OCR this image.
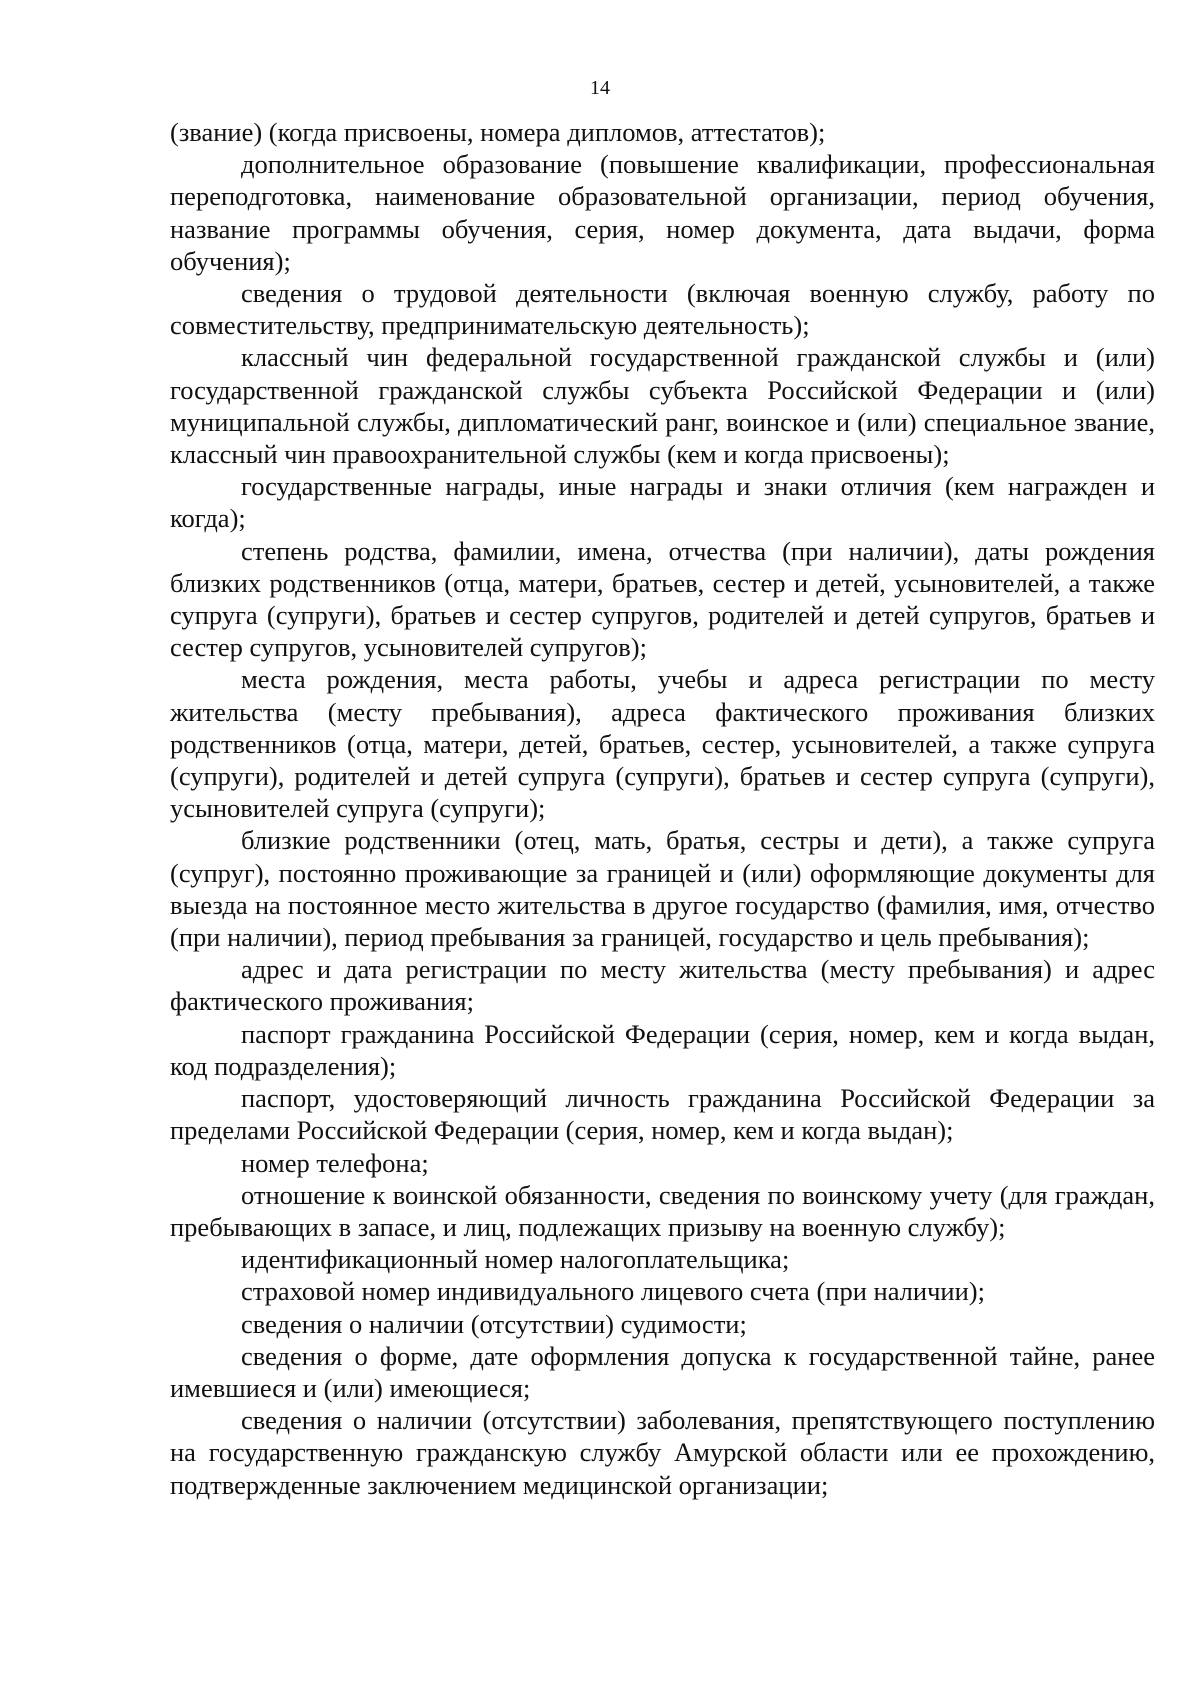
14

(звание) (когда присвоены, номера дипломов, аттестатов);

дополнительное образование (повышение квалификации, профессиональная переподготовка, наименование образовательной организации, период обучения, название программы обучения, серия, номер документа, дата выдачи, форма обучения);

сведения о трудовой деятельности (включая военную службу, работу по совместительству, предпринимательскую деятельность);

классный чин федеральной государственной гражданской службы и (или) государственной гражданской службы субъекта Российской Федерации и (или) муниципальной службы, дипломатический ранг, воинское и (или) специальное звание, классный чин правоохранительной службы (кем и когда присвоены);

государственные награды, иные награды и знаки отличия (кем награжден и когда);

степень родства, фамилии, имена, отчества (при наличии), даты рождения близких родственников (отца, матери, братьев, сестер и детей, усыновителей, а также супруга (супруги), братьев и сестер супругов, родителей и детей супругов, братьев и сестер супругов, усыновителей супругов);

места рождения, места работы, учебы и адреса регистрации по месту жительства (месту пребывания), адреса фактического проживания близких родственников (отца, матери, детей, братьев, сестер, усыновителей, а также супруга (супруги), родителей и детей супруга (супруги), братьев и сестер супруга (супруги), усыновителей супруга (супруги);

близкие родственники (отец, мать, братья, сестры и дети), а также супруга (супруг), постоянно проживающие за границей и (или) оформляющие документы для выезда на постоянное место жительства в другое государство (фамилия, имя, отчество (при наличии), период пребывания за границей, государство и цель пребывания);

адрес и дата регистрации по месту жительства (месту пребывания) и адрес фактического проживания;

паспорт гражданина Российской Федерации (серия, номер, кем и когда выдан, код подразделения);

паспорт, удостоверяющий личность гражданина Российской Федерации за пределами Российской Федерации (серия, номер, кем и когда выдан);

номер телефона;

отношение к воинской обязанности, сведения по воинскому учету (для граждан, пребывающих в запасе, и лиц, подлежащих призыву на военную службу);

идентификационный номер налогоплательщика;

страховой номер индивидуального лицевого счета (при наличии);

сведения о наличии (отсутствии) судимости;

сведения о форме, дате оформления допуска к государственной тайне, ранее имевшиеся и (или) имеющиеся;

сведения о наличии (отсутствии) заболевания, препятствующего поступлению на государственную гражданскую службу Амурской области или ее прохождению, подтвержденные заключением медицинской организации;
